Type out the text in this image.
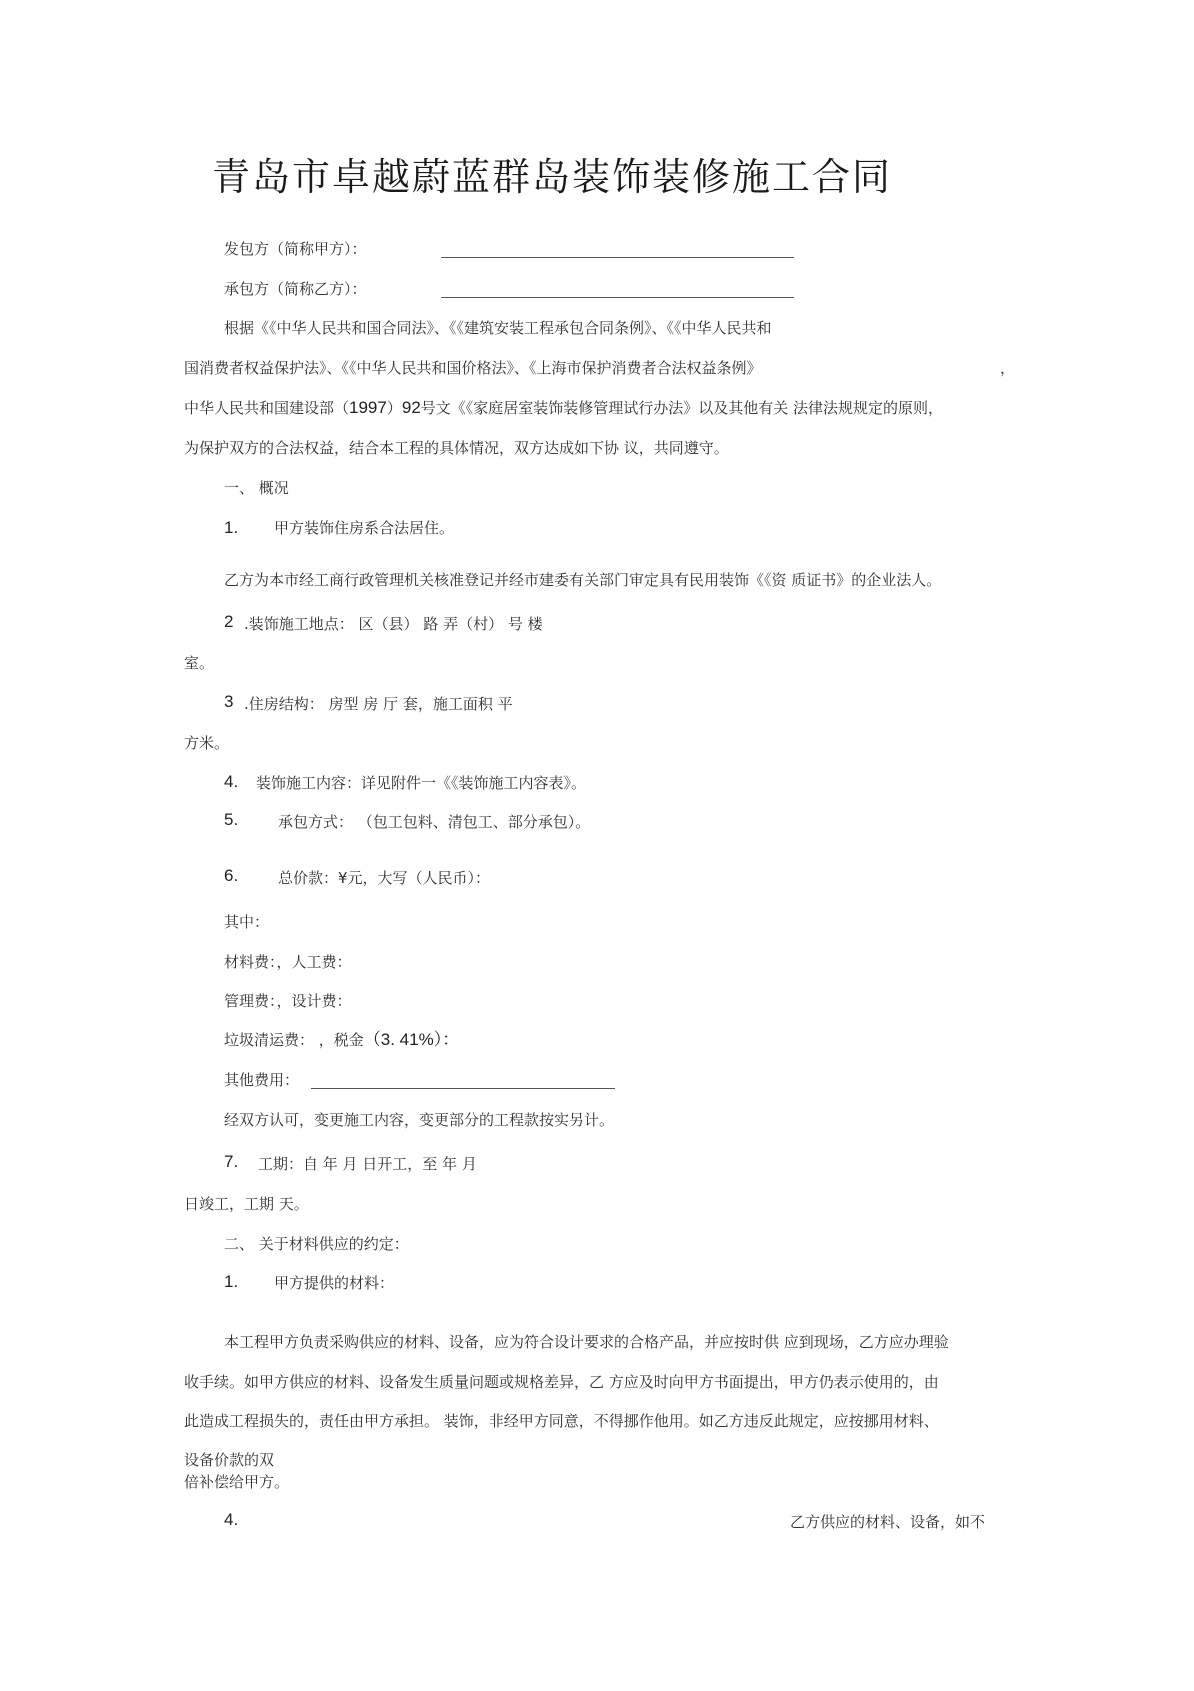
青岛市卓越蔚蓝群岛装饰装修施工合同
发包方（简称甲方）：
承包方（简称乙方）：
根据《《中华人民共和国合同法》、《《建筑安装工程承包合同条例》、《《中华人民共和
国消费者权益保护法》、《《中华人民共和国价格法》、《上海市保护消费者合法权益条例》	，
中华人民共和国建设部（1997）92号文《《家庭居室装饰装修管理试行办法》以及其他有关 法律法规规定的原则，
为保护双方的合法权益，结合本工程的具体情况，双方达成如下协 议，共同遵守。
一、 概况
1. 甲方装饰住房系合法居住。
乙方为本市经工商行政管理机关核准登记并经市建委有关部门审定具有民用装饰《《资 质证书》的企业法人。
2 .装饰施工地点： 区（县） 路 弄（村） 号 楼
室。
3 .住房结构： 房型 房 厅 套，施工面积 平
方米。
4. 装饰施工内容：详见附件一《《装饰施工内容表》。
5.	承包方式： （包工包料、清包工、部分承包）。
6.	总价款：¥元，大写（人民币）：
其中：
材料费：，人工费：
管理费：，设计费：
垃圾清运费： ，税金（3. 41%）：
其他费用：
经双方认可，变更施工内容，变更部分的工程款按实另计。
7. 工期：自 年 月 日开工，至 年 月
日竣工，工期 天。
二、 关于材料供应的约定：
1. 甲方提供的材料：
本工程甲方负责采购供应的材料、设备，应为符合设计要求的合格产品，并应按时供 应到现场，乙方应办理验
收手续。如甲方供应的材料、设备发生质量问题或规格差异，乙 方应及时向甲方书面提出，甲方仍表示使用的，由
此造成工程损失的，责任由甲方承担。 装饰，非经甲方同意，不得挪作他用。如乙方违反此规定，应按挪用材料、
设备价款的双
倍补偿给甲方。
4.	乙方供应的材料、设备，如不
